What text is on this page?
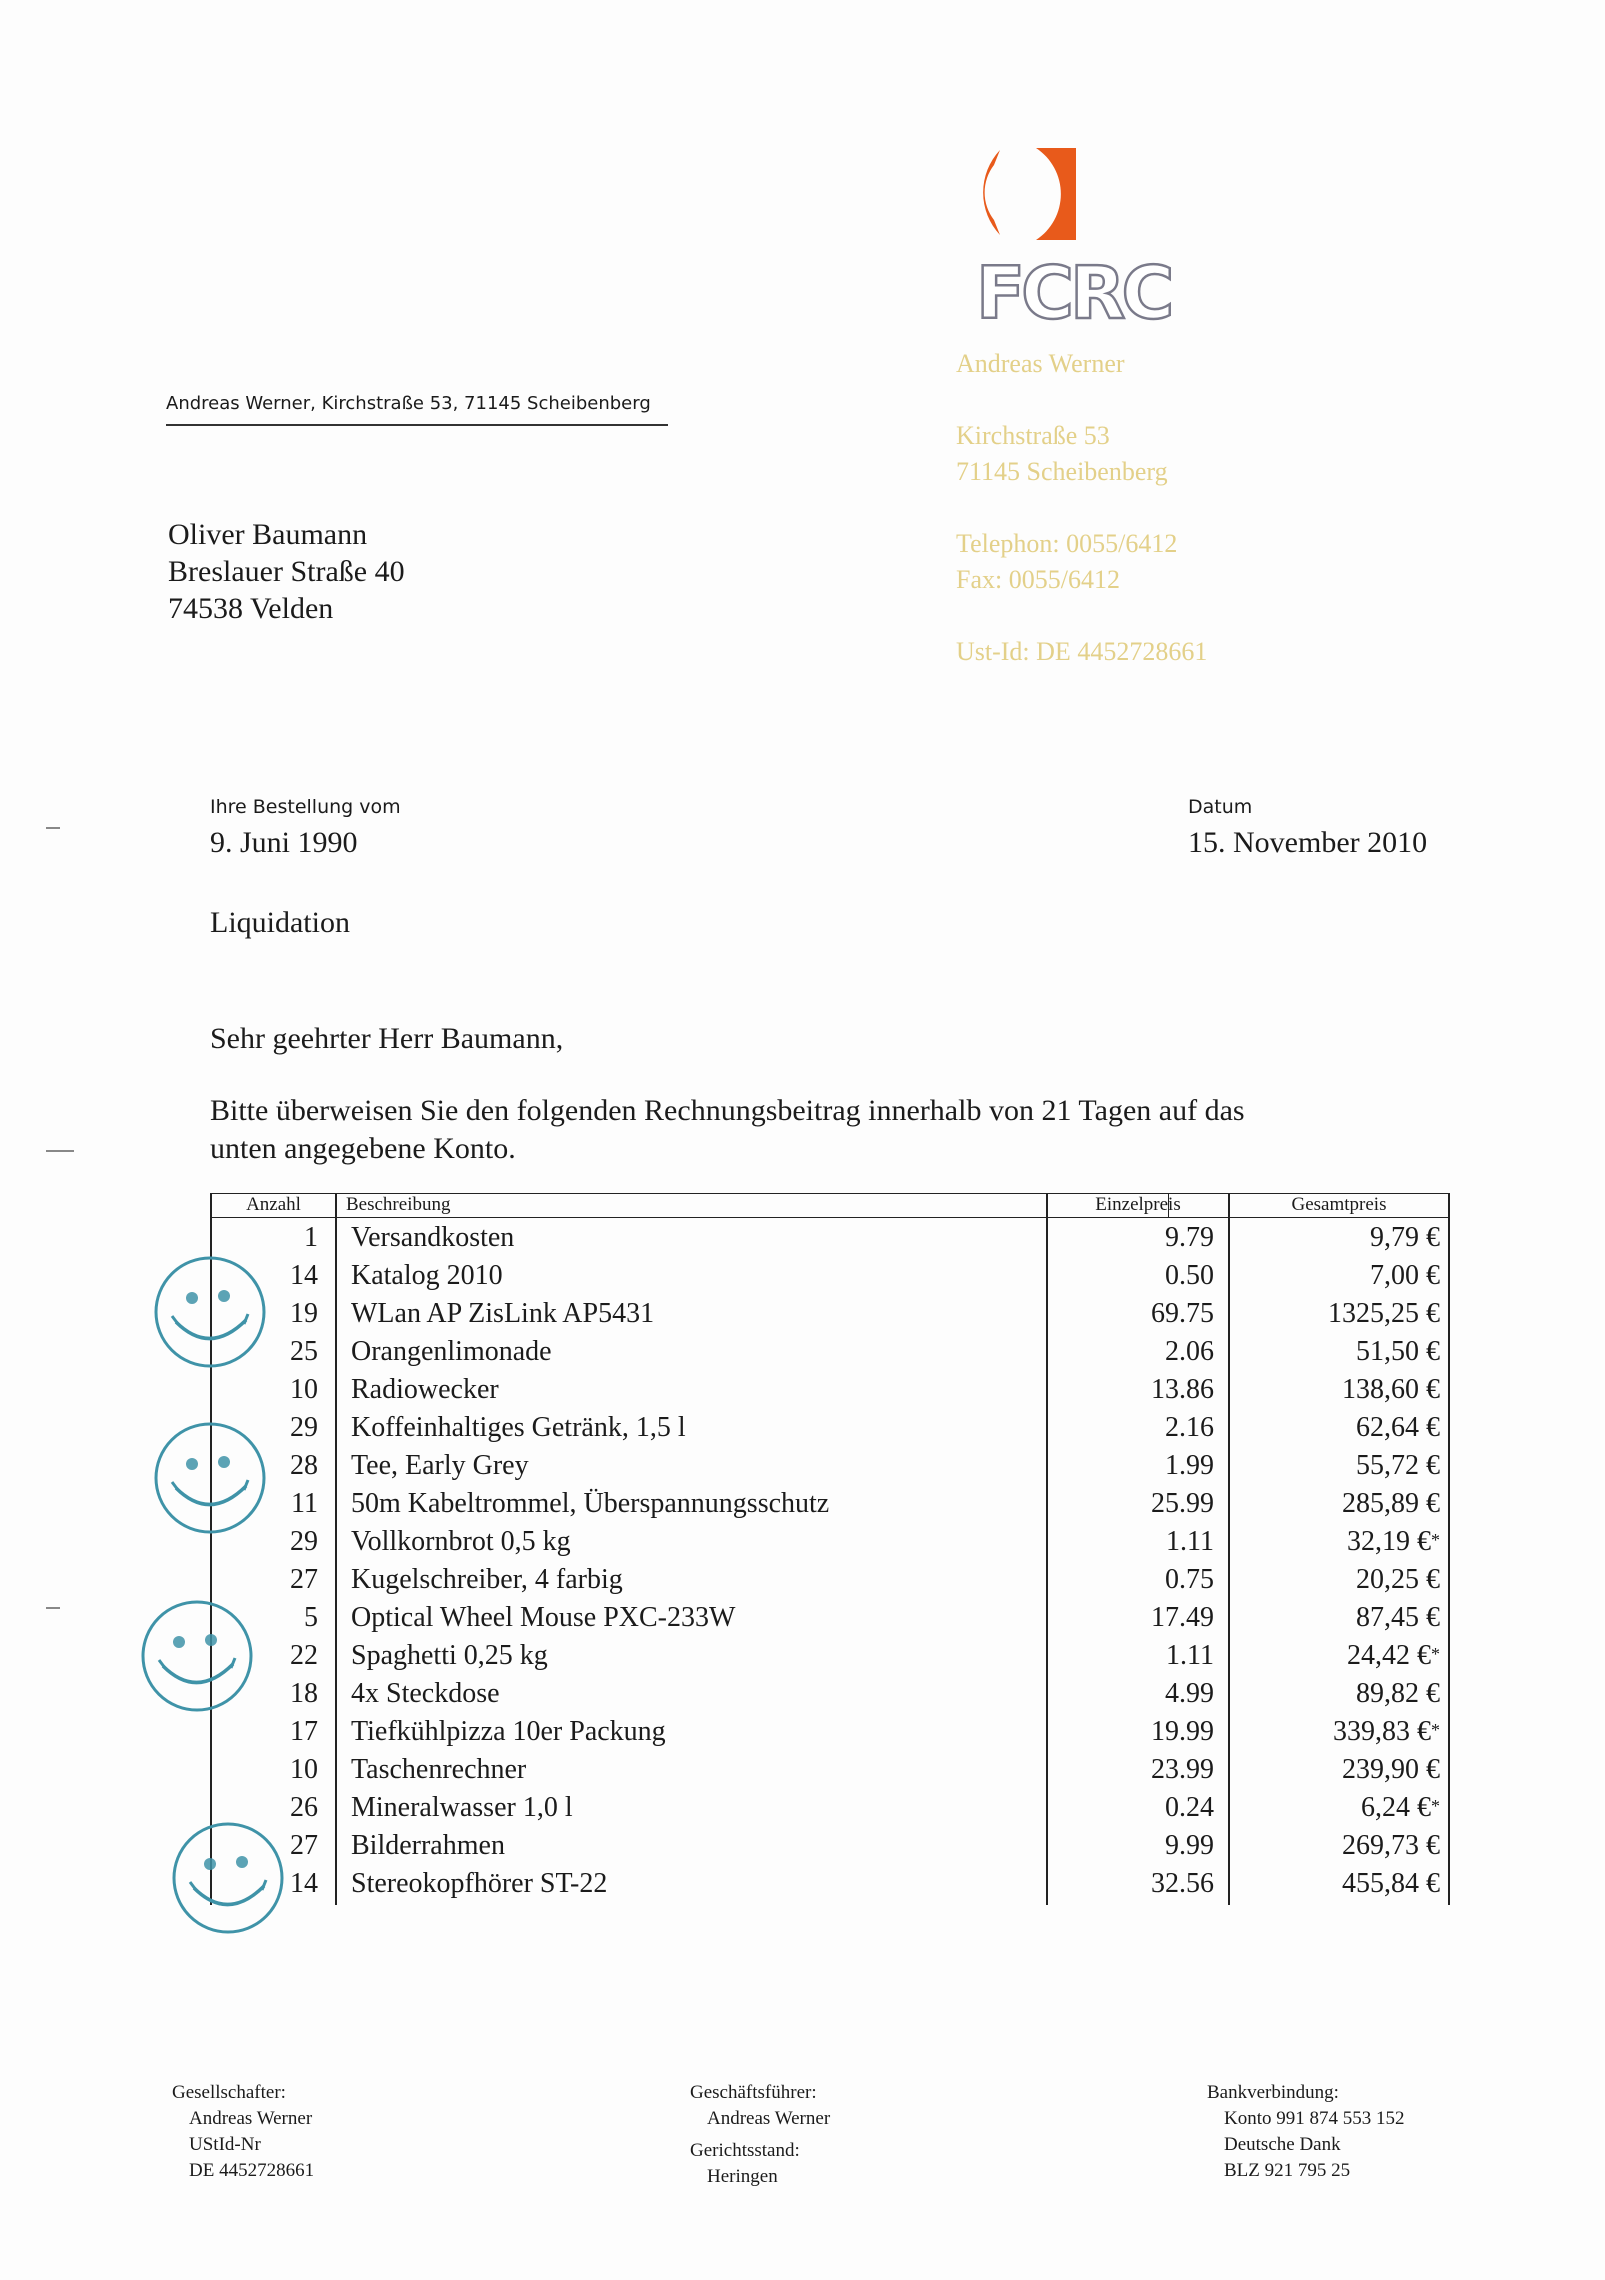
FCRC
Andreas Werner
Kirchstraße 53
71145 Scheibenberg
Telephon: 0055/6412
Fax: 0055/6412
Ust-Id: DE 4452728661
Andreas Werner, Kirchstraße 53, 71145 Scheibenberg
Oliver Baumann
Breslauer Straße 40
74538 Velden
Ihre Bestellung vom
9. Juni 1990
Datum
15. November 2010
Liquidation
Sehr geehrter Herr Baumann,
Bitte überweisen Sie den folgenden Rechnungsbeitrag innerhalb von 21 Tagen auf das
unten angegebene Konto.
Anzahl	Beschreibung	Einzelpreis	Gesamtpreis
1 Versandkosten	9.79	9,79 €
14 Katalog 2010	0.50	7,00 €
19 WLan AP ZisLink AP5431	69.75	1325,25 €
25 Orangenlimonade	2.06	51,50 €
10 Radiowecker	13.86	138,60 €
29 Koffeinhaltiges Getränk, 1,5 l	2.16	62,64 €
28 Tee, Early Grey	1.99	55,72 €
11 50m Kabeltrommel, Überspannungsschutz	25.99	285,89 €
29 Vollkornbrot 0,5 kg	1.11	32,19 €*
27 Kugelschreiber, 4 farbig	0.75	20,25 €
5 Optical Wheel Mouse PXC-233W	17.49	87,45 €
22 Spaghetti 0,25 kg	1.11	24,42 €*
18 4x Steckdose	4.99	89,82 €
17 Tiefkühlpizza 10er Packung	19.99	339,83 €*
10 Taschenrechner	23.99	239,90 €
26 Mineralwasser 1,0 l	0.24	6,24 €*
27 Bilderrahmen	9.99	269,73 €
14 Stereokopfhörer ST-22	32.56	455,84 €
Gesellschafter:
Andreas Werner
UStId-Nr
DE 4452728661
Geschäftsführer:
Andreas Werner
Gerichtsstand:
Heringen
Bankverbindung:
Konto 991 874 553 152
Deutsche Dank
BLZ 921 795 25
